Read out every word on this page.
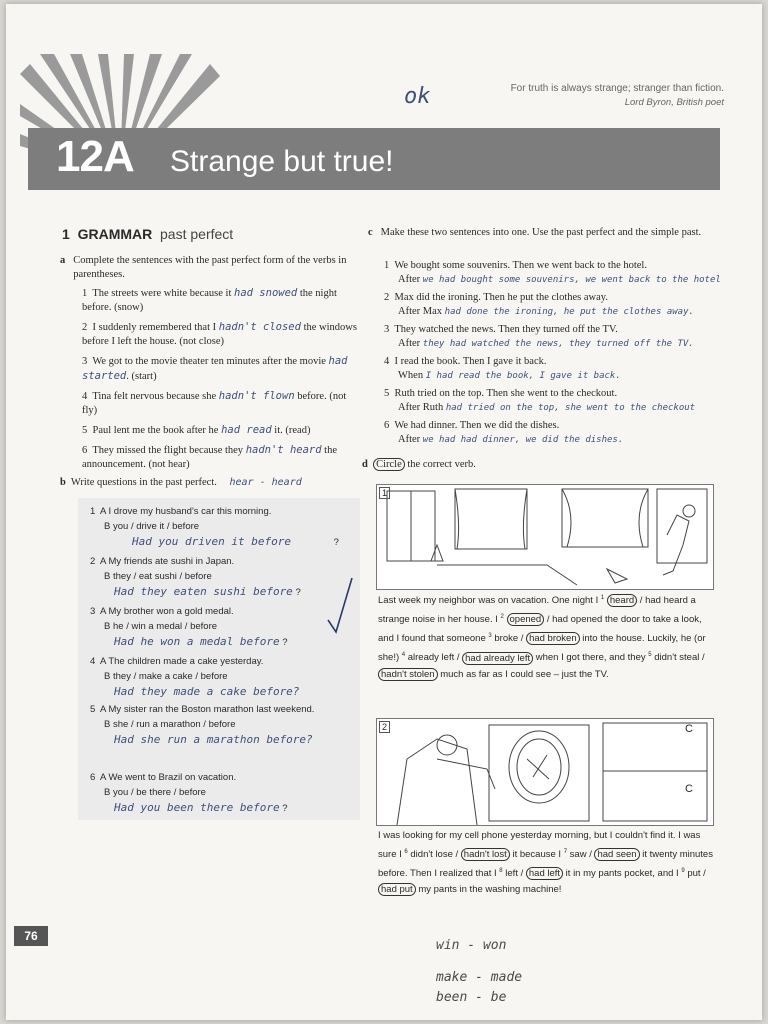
For truth is always strange; stranger than fiction.
Lord Byron, British poet
ok
12A Strange but true!
1 GRAMMAR past perfect
a Complete the sentences with the past perfect form of the verbs in parentheses.
1 The streets were white because it had snowed the night before. (snow)
2 I suddenly remembered that I hadn't closed the windows before I left the house. (not close)
3 We got to the movie theater ten minutes after the movie had started. (start)
4 Tina felt nervous because she hadn't flown before. (not fly)
5 Paul lent me the book after he had read it. (read)
6 They missed the flight because they hadn't heard the announcement. (not hear)
b Write questions in the past perfect. hear - heard
1  A I drove my husband's car this morning.
B you / drive it / before
Had you driven it before	?
2  A My friends ate sushi in Japan.
B they / eat sushi / before
Had they eaten sushi before ?
3  A My brother won a gold medal.
B he / win a medal / before
Had he won a medal before ?
4  A The children made a cake yesterday.
B they / make a cake / before
Had they made a cake before?
5  A My sister ran the Boston marathon last weekend.
B she / run a marathon / before
Had she run a marathon before?
6  A We went to Brazil on vacation.
B you / be there / before
Had you been there before ?
c Make these two sentences into one. Use the past perfect and the simple past.
1 We bought some souvenirs. Then we went back to the hotel.
After we had bought some souvenirs, we went back to the hotel
2 Max did the ironing. Then he put the clothes away.
After Max had done the ironing, he put the clothes away.
3 They watched the news. Then they turned off the TV.
After they had watched the news, they turned off the TV.
4 I read the book. Then I gave it back.
When I had read the book, I gave it back.
5 Ruth tried on the top. Then she went to the checkout.
After Ruth had tried on the top, she went to the checkout
6 We had dinner. Then we did the dishes.
After we had had dinner, we did the dishes.
d Circle the correct verb.
1
Last week my neighbor was on vacation. One night I $^1$ heard / had heard a strange noise in her house. I $^2$ opened / had opened the door to take a look, and I found that someone $^3$ broke / had broken into the house. Luckily, he (or she!) $^4$ already left / had already left when I got there, and they $^5$ didn't steal / hadn't stolen much as far as I could see – just the TV.
2	C
C
I was looking for my cell phone yesterday morning, but I couldn't find it. I was sure I $^6$ didn't lose / hadn't lost it because I $^7$ saw / had seen it twenty minutes before. Then I realized that I $^8$ left / had left it in my pants pocket, and I $^9$ put / had put my pants in the washing machine!
76
win - won
make - made
been - be
